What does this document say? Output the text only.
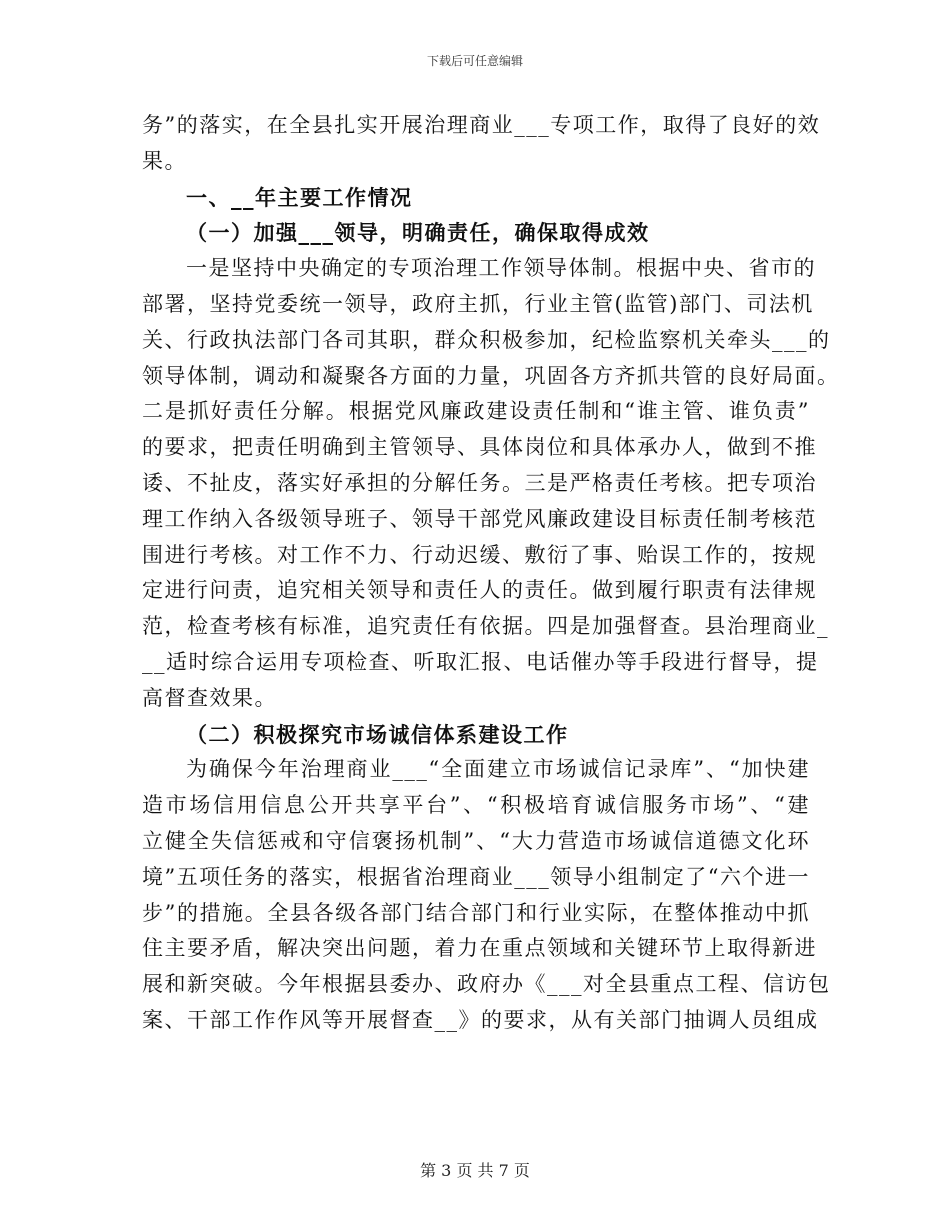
下载后可任意编辑

务”的落实，在全县扎实开展治理商业___专项工作，取得了良好的效

果。

一、__年主要工作情况

（一）加强___领导，明确责任，确保取得成效

一是坚持中央确定的专项治理工作领导体制。根据中央、省市的

部署，坚持党委统一领导，政府主抓，行业主管(监管)部门、司法机

关、行政执法部门各司其职，群众积极参加，纪检监察机关牵头___的

领导体制，调动和凝聚各方面的力量，巩固各方齐抓共管的良好局面。

二是抓好责任分解。根据党风廉政建设责任制和“谁主管、谁负责”

的要求，把责任明确到主管领导、具体岗位和具体承办人，做到不推

诿、不扯皮，落实好承担的分解任务。三是严格责任考核。把专项治

理工作纳入各级领导班子、领导干部党风廉政建设目标责任制考核范

围进行考核。对工作不力、行动迟缓、敷衍了事、贻误工作的，按规

定进行问责，追究相关领导和责任人的责任。做到履行职责有法律规

范，检查考核有标准，追究责任有依据。四是加强督查。县治理商业_

__适时综合运用专项检查、听取汇报、电话催办等手段进行督导，提

高督查效果。

（二）积极探究市场诚信体系建设工作

为确保今年治理商业___“全面建立市场诚信记录库”、“加快建

造市场信用信息公开共享平台”、“积极培育诚信服务市场”、“建

立健全失信惩戒和守信褒扬机制”、“大力营造市场诚信道德文化环

境”五项任务的落实，根据省治理商业___领导小组制定了“六个进一

步”的措施。全县各级各部门结合部门和行业实际，在整体推动中抓

住主要矛盾，解决突出问题，着力在重点领域和关键环节上取得新进

展和新突破。今年根据县委办、政府办《___对全县重点工程、信访包

案、干部工作作风等开展督查__》的要求，从有关部门抽调人员组成

第 3 页 共 7 页
